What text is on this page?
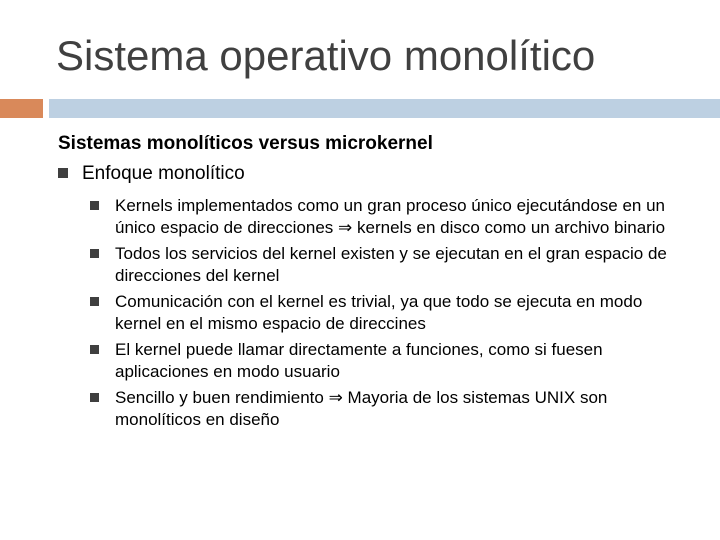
Sistema operativo monolítico
Sistemas monolíticos versus microkernel
Enfoque monolítico
Kernels implementados como un gran proceso único ejecutándose en un único espacio de direcciones ⇒ kernels en disco como un archivo binario
Todos los servicios del kernel existen y se ejecutan en el gran espacio de direcciones del kernel
Comunicación con el kernel es trivial, ya que todo se ejecuta en modo kernel en el mismo espacio de direccines
El kernel puede llamar directamente a funciones, como si fuesen aplicaciones en modo usuario
Sencillo y buen rendimiento ⇒ Mayoria de los sistemas UNIX son monolíticos en diseño
